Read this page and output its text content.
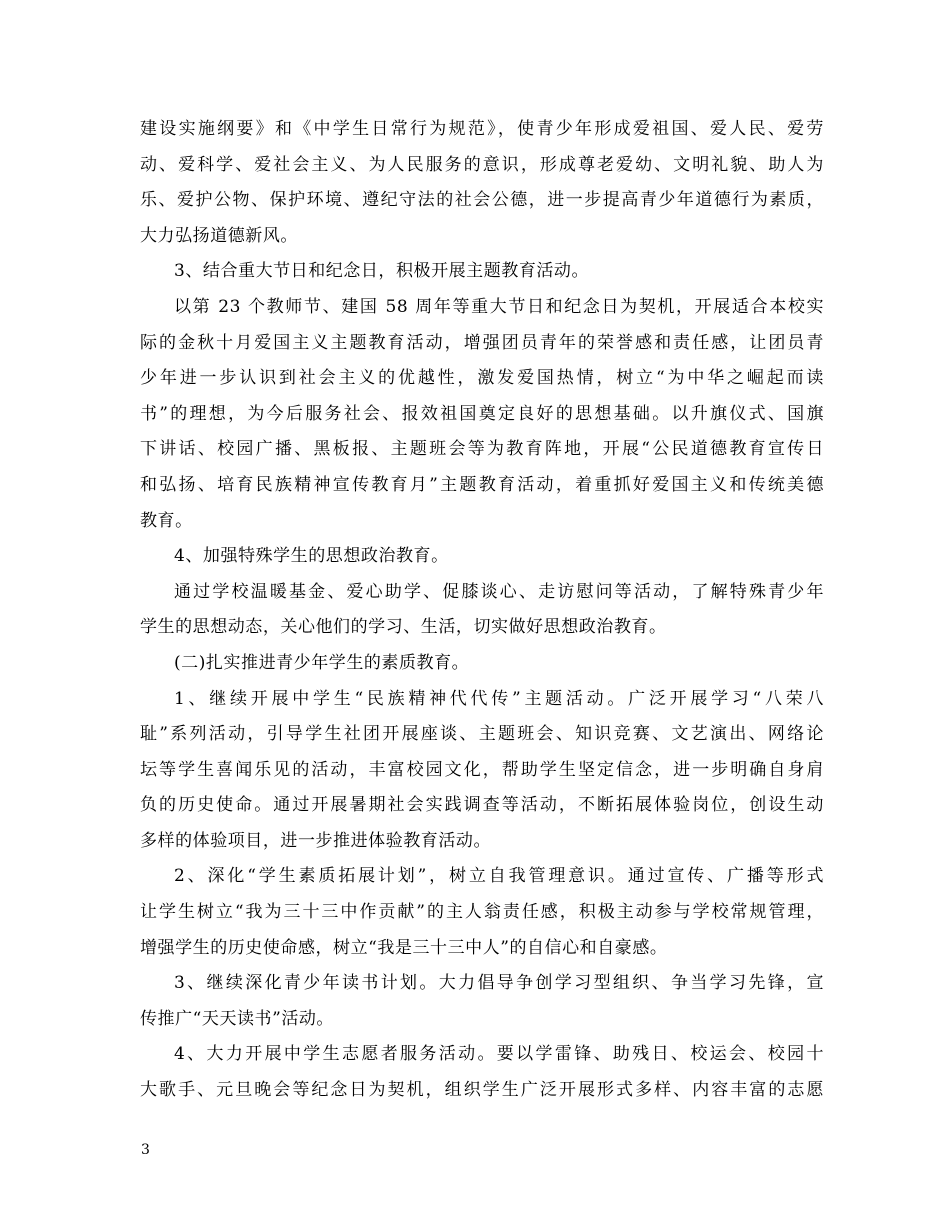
建设实施纲要》和《中学生日常行为规范》，使青少年形成爱祖国、爱人民、爱劳
动、爱科学、爱社会主义、为人民服务的意识，形成尊老爱幼、文明礼貌、助人为
乐、爱护公物、保护环境、遵纪守法的社会公德，进一步提高青少年道德行为素质，
大力弘扬道德新风。
3、结合重大节日和纪念日，积极开展主题教育活动。
以第 23 个教师节、建国 58 周年等重大节日和纪念日为契机，开展适合本校实
际的金秋十月爱国主义主题教育活动，增强团员青年的荣誉感和责任感，让团员青
少年进一步认识到社会主义的优越性，激发爱国热情，树立“为中华之崛起而读
书”的理想，为今后服务社会、报效祖国奠定良好的思想基础。以升旗仪式、国旗
下讲话、校园广播、黑板报、主题班会等为教育阵地，开展“公民道德教育宣传日
和弘扬、培育民族精神宣传教育月”主题教育活动，着重抓好爱国主义和传统美德
教育。
4、加强特殊学生的思想政治教育。
通过学校温暖基金、爱心助学、促膝谈心、走访慰问等活动，了解特殊青少年
学生的思想动态，关心他们的学习、生活，切实做好思想政治教育。
(二)扎实推进青少年学生的素质教育。
1、继续开展中学生“民族精神代代传”主题活动。广泛开展学习“八荣八
耻”系列活动，引导学生社团开展座谈、主题班会、知识竞赛、文艺演出、网络论
坛等学生喜闻乐见的活动，丰富校园文化，帮助学生坚定信念，进一步明确自身肩
负的历史使命。通过开展暑期社会实践调查等活动，不断拓展体验岗位，创设生动
多样的体验项目，进一步推进体验教育活动。
2、深化“学生素质拓展计划”，树立自我管理意识。通过宣传、广播等形式
让学生树立“我为三十三中作贡献”的主人翁责任感，积极主动参与学校常规管理，
增强学生的历史使命感，树立“我是三十三中人”的自信心和自豪感。
3、继续深化青少年读书计划。大力倡导争创学习型组织、争当学习先锋，宣
传推广“天天读书”活动。
4、大力开展中学生志愿者服务活动。要以学雷锋、助残日、校运会、校园十
大歌手、元旦晚会等纪念日为契机，组织学生广泛开展形式多样、内容丰富的志愿
3
